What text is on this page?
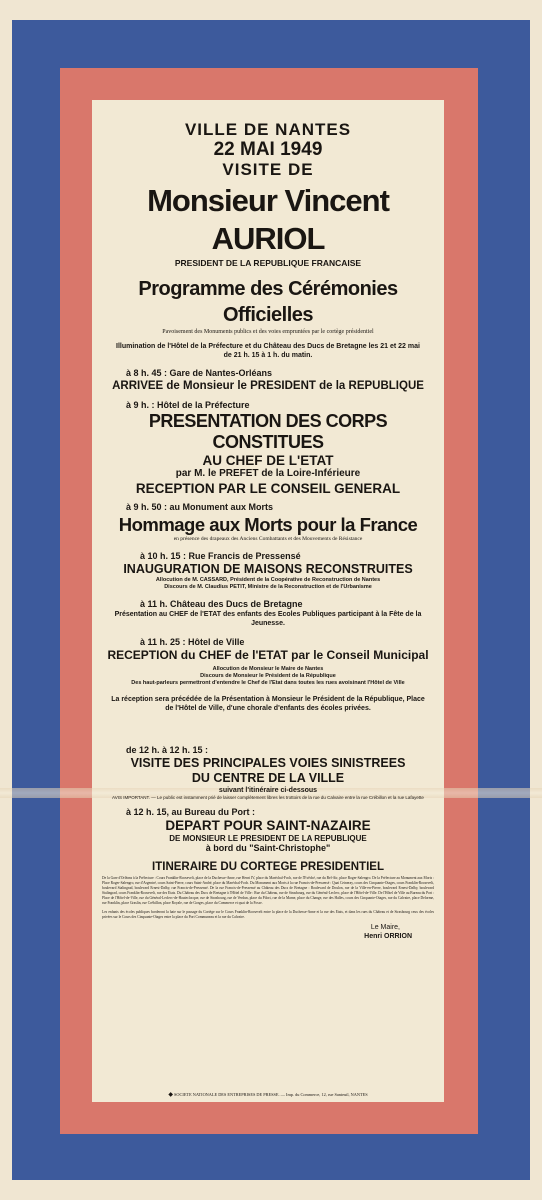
VILLE DE NANTES
22 MAI 1949
VISITE DE
Monsieur Vincent AURIOL
PRESIDENT DE LA REPUBLIQUE FRANCAISE
Programme des Cérémonies Officielles
Pavoisement des Monuments publics et des voies empruntées par le cortège présidentiel
Illumination de l'Hôtel de la Préfecture et du Château des Ducs de Bretagne les 21 et 22 mai de 21 h. 15 à 1 h. du matin.
à 8 h. 45 : Gare de Nantes-Orléans
ARRIVEE de Monsieur le PRESIDENT de la REPUBLIQUE
à 9 h. : Hôtel de la Préfecture
PRESENTATION DES CORPS CONSTITUES
AU CHEF DE L'ETAT
par M. le PREFET de la Loire-Inférieure
RECEPTION PAR LE CONSEIL GENERAL
à 9 h. 50 : au Monument aux Morts
Hommage aux Morts pour la France
en présence des drapeaux des Anciens Combattants et des Mouvements de Résistance
à 10 h. 15 : Rue Francis de Pressensé
INAUGURATION DE MAISONS RECONSTRUITES
Allocution de M. CASSARD, Président de la Coopérative de Reconstruction de Nantes
Discours de M. Claudius PETIT, Ministre de la Reconstruction et de l'Urbanisme
à 11 h. Château des Ducs de Bretagne
Présentation au CHEF de l'ETAT des enfants des Ecoles Publiques participant à la Fête de la Jeunesse.
à 11 h. 25 : Hôtel de Ville
RECEPTION du CHEF de l'ETAT par le Conseil Municipal
Allocution de Monsieur le Maire de Nantes
Discours de Monsieur le Président de la République
Des haut-parleurs permettront d'entendre le Chef de l'Etat dans toutes les rues avoisinant l'Hôtel de Ville
La réception sera précédée de la Présentation à Monsieur le Président de la République, Place de l'Hôtel de Ville, d'une chorale d'enfants des écoles privées.
de 12 h. à 12 h. 15 :
VISITE DES PRINCIPALES VOIES SINISTREES
DU CENTRE DE LA VILLE
suivant l'itinéraire ci-dessous
AVIS IMPORTANT. — Le public est instamment prié de laisser complètement libres les trottoirs de la rue du Calvaire entre la rue Crébillon et la rue Lafayette
à 12 h. 15, au Bureau du Port :
DEPART POUR SAINT-NAZAIRE
DE MONSIEUR LE PRESIDENT DE LA REPUBLIQUE
à bord du "Saint-Christophe"
ITINERAIRE DU CORTEGE PRESIDENTIEL
De la Gare d'Orléans à la Préfecture : Cours Franklin-Roosevelt, place de la Duchesse-Anne, rue Henri IV, place du Maréchal-Foch, rue de l'Evêché, rue du Bel-Air, place Roger-Salengro. De la Préfecture au Monument aux Morts : Place Roger-Salengro, rue d'Argentré, cours Saint-Pierre, cours Saint-André, place du Maréchal-Foch. Du Monument aux Morts à la rue Francis-de-Pressensé : Quai Ceineray, cours des Cinquante-Otages, cours Franklin-Roosevelt, boulevard Stalingrad, boulevard Ernest-Dalby, rue Francis-de-Pressensé. De la rue Francis-de-Pressensé au Château des Ducs de Bretagne : Boulevard de Doulon, rue de la Ville-en-Pierre, boulevard Ernest-Dalby, boulevard Stalingrad, cours Franklin-Roosevelt, rue des Etats. Du Château des Ducs de Bretagne à l'Hôtel de Ville : Rue du Château, rue de Strasbourg, rue du Général-Leclerc, place de l'Hôtel-de-Ville. De l'Hôtel de Ville au Bureau du Port : Place de l'Hôtel-de-Ville, rue du Général-Leclerc-de-Hauteclocque, rue de Strasbourg, rue de Verdun, place du Pilori, rue de la Marne, place du Change, rue des Halles, cours des Cinquante-Otages, rue du Calvaire, place Delorme, rue Franklin, place Graslin, rue Crébillon, place Royale, rue de Gorges, place du Commerce et quai de la Fosse.
Les enfants des écoles publiques borderont la haie sur le passage du Cortège sur le Cours Franklin-Roosevelt entre la place de la Duchesse-Anne et la rue des Etats, et dans les rues du Château et de Strasbourg ceux des écoles privées sur le Cours des Cinquante-Otages entre la place du Port Communeau et la rue du Calvaire.
Le Maire,
Henri ORRION
◆ SOCIETE NATIONALE DES ENTREPRISES DE PRESSE. — Imp. du Commerce, 12, rue Santeuil, NANTES
